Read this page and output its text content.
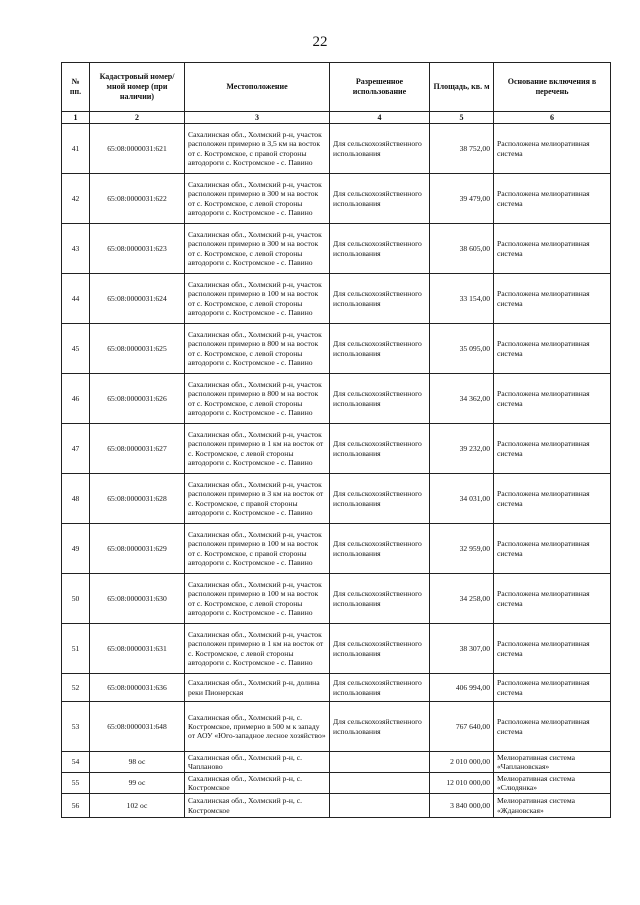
22
№ пп.	Кадастровый номер/мной номер (при наличии)	Местоположение	Разрешенное использование	Площадь, кв. м	Основание включения в перечень
1	2	3	4	5	6
41	65:08:0000031:621	Сахалинская обл., Холмский р-н, участок расположен примерно в 3,5 км на восток от с. Костромское, с правой стороны автодороги с. Костромское - с. Павино	Для сельскохозяйственного использования	38 752,00	Расположена мелиоративная система
42	65:08:0000031:622	Сахалинская обл., Холмский р-н, участок расположен примерно в 300 м на восток от с. Костромское, с левой стороны автодороги с. Костромское - с. Павино	Для сельскохозяйственного использования	39 479,00	Расположена мелиоративная система
43	65:08:0000031:623	Сахалинская обл., Холмский р-н, участок расположен примерно в 300 м на восток от с. Костромское, с левой стороны автодороги с. Костромское - с. Павино	Для сельскохозяйственного использования	38 605,00	Расположена мелиоративная система
44	65:08:0000031:624	Сахалинская обл., Холмский р-н, участок расположен примерно в 100 м на восток от с. Костромское, с левой стороны автодороги с. Костромское - с. Павино	Для сельскохозяйственного использования	33 154,00	Расположена мелиоративная система
45	65:08:0000031:625	Сахалинская обл., Холмский р-н, участок расположен примерно в 800 м на восток от с. Костромское, с левой стороны автодороги с. Костромское - с. Павино	Для сельскохозяйственного использования	35 095,00	Расположена мелиоративная система
46	65:08:0000031:626	Сахалинская обл., Холмский р-н, участок расположен примерно в 800 м на восток от с. Костромское, с левой стороны автодороги с. Костромское - с. Павино	Для сельскохозяйственного использования	34 362,00	Расположена мелиоративная система
47	65:08:0000031:627	Сахалинская обл., Холмский р-н, участок расположен примерно в 1 км на восток от с. Костромское, с левой стороны автодороги с. Костромское - с. Павино	Для сельскохозяйственного использования	39 232,00	Расположена мелиоративная система
48	65:08:0000031:628	Сахалинская обл., Холмский р-н, участок расположен примерно в 3 км на восток от с. Костромское, с правой стороны автодороги с. Костромское - с. Павино	Для сельскохозяйственного использования	34 031,00	Расположена мелиоративная система
49	65:08:0000031:629	Сахалинская обл., Холмский р-н, участок расположен примерно в 100 м на восток от с. Костромское, с правой стороны автодороги с. Костромское - с. Павино	Для сельскохозяйственного использования	32 959,00	Расположена мелиоративная система
50	65:08:0000031:630	Сахалинская обл., Холмский р-н, участок расположен примерно в 100 м на восток от с. Костромское, с левой стороны автодороги с. Костромское - с. Павино	Для сельскохозяйственного использования	34 258,00	Расположена мелиоративная система
51	65:08:0000031:631	Сахалинская обл., Холмский р-н, участок расположен примерно в 1 км на восток от с. Костромское, с левой стороны автодороги с. Костромское - с. Павино	Для сельскохозяйственного использования	38 307,00	Расположена мелиоративная система
52	65:08:0000031:636	Сахалинская обл., Холмский р-н, долина реки Пионерская	Для сельскохозяйственного использования	406 994,00	Расположена мелиоративная система
53	65:08:0000031:648	Сахалинская обл., Холмский р-н, с. Костромское, примерно в 500 м к западу от АОУ «Юго-западное лесное хозяйство»	Для сельскохозяйственного использования	767 640,00	Расположена мелиоративная система
54	98 ос	Сахалинская обл., Холмский р-н, с. Чапланово		2 010 000,00	Мелиоративная система «Чаплановская»
55	99 ос	Сахалинская обл., Холмский р-н, с. Костромское		12 010 000,00	Мелиоративная система «Слюдянка»
56	102 ос	Сахалинская обл., Холмский р-н, с. Костромское		3 840 000,00	Мелиоративная система «Ждановская»
